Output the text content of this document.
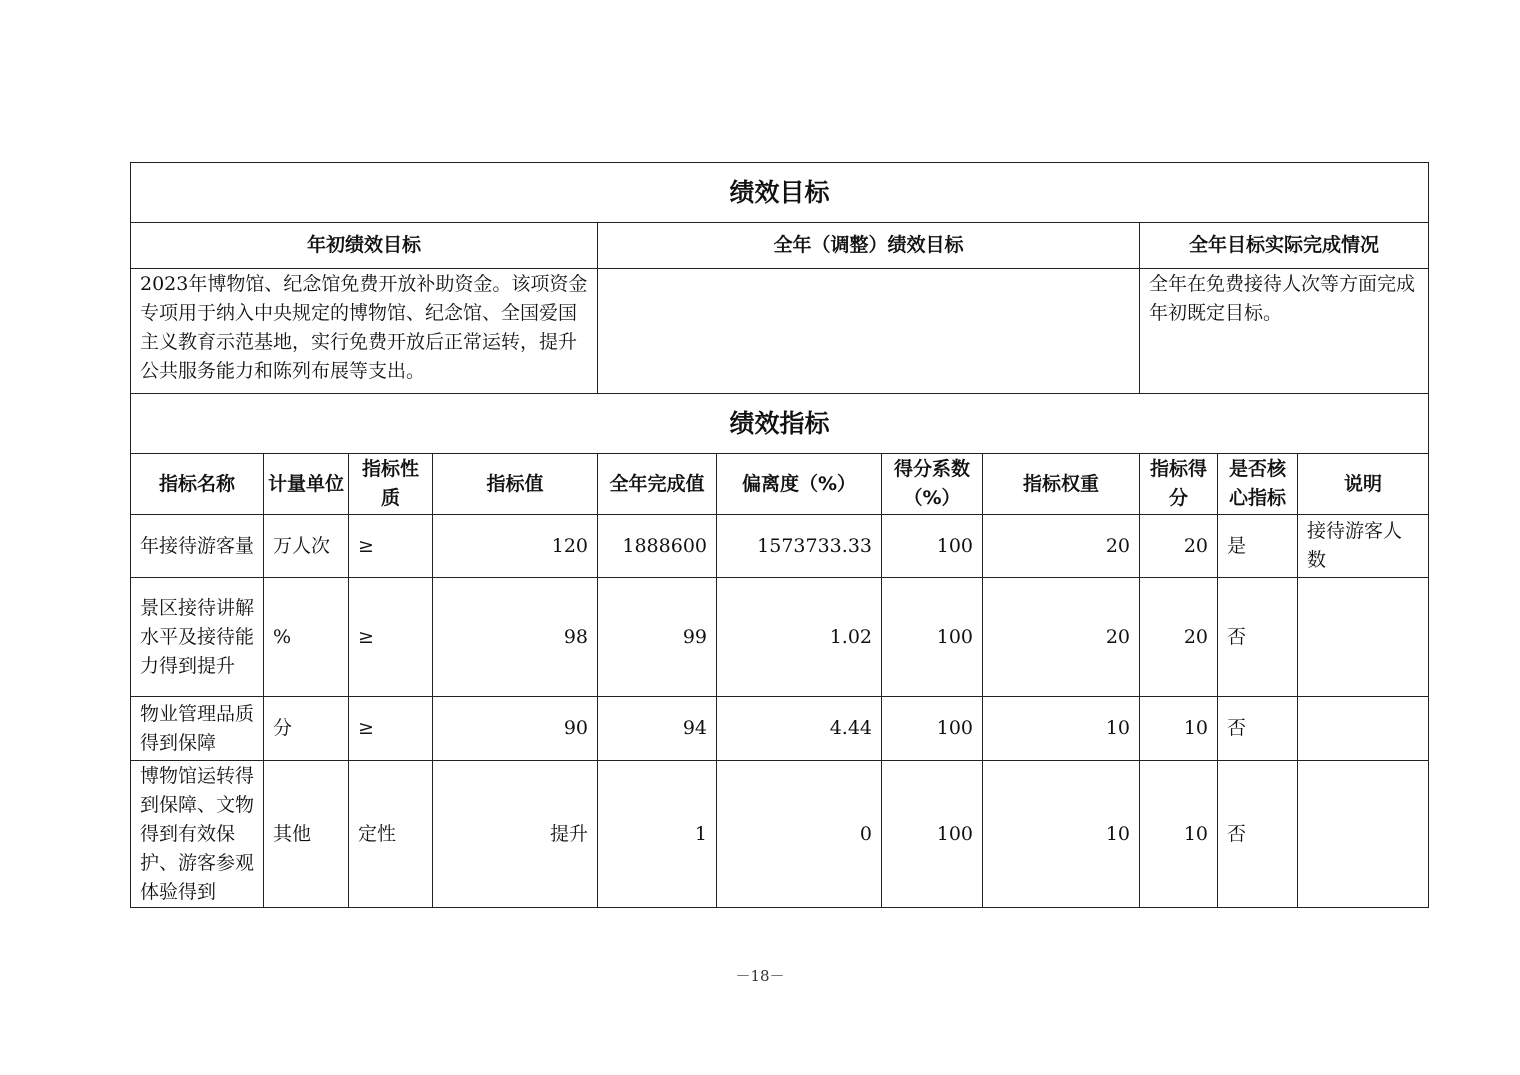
绩效目标										
年初绩效目标				全年（调整）绩效目标				全年目标实际完成情况		
2023年博物馆、纪念馆免费开放补助资金。该项资金专项用于纳入中央规定的博物馆、纪念馆、全国爱国主义教育示范基地，实行免费开放后正常运转，提升公共服务能力和陈列布展等支出。								全年在免费接待人次等方面完成年初既定目标。		
绩效指标										
指标名称	计量单位	指标性质	指标值	全年完成值	偏离度（%）	得分系数（%）	指标权重	指标得分	是否核心指标	说明
年接待游客量	万人次	≥	120	1888600	1573733.33	100	20	20	是	接待游客人数
景区接待讲解水平及接待能力得到提升	%	≥	98	99	1.02	100	20	20	否	
物业管理品质得到保障	分	≥	90	94	4.44	100	10	10	否	
博物馆运转得到保障、文物得到有效保护、游客参观体验得到	其他	定性	提升	1	0	100	10	10	否	
－18－
